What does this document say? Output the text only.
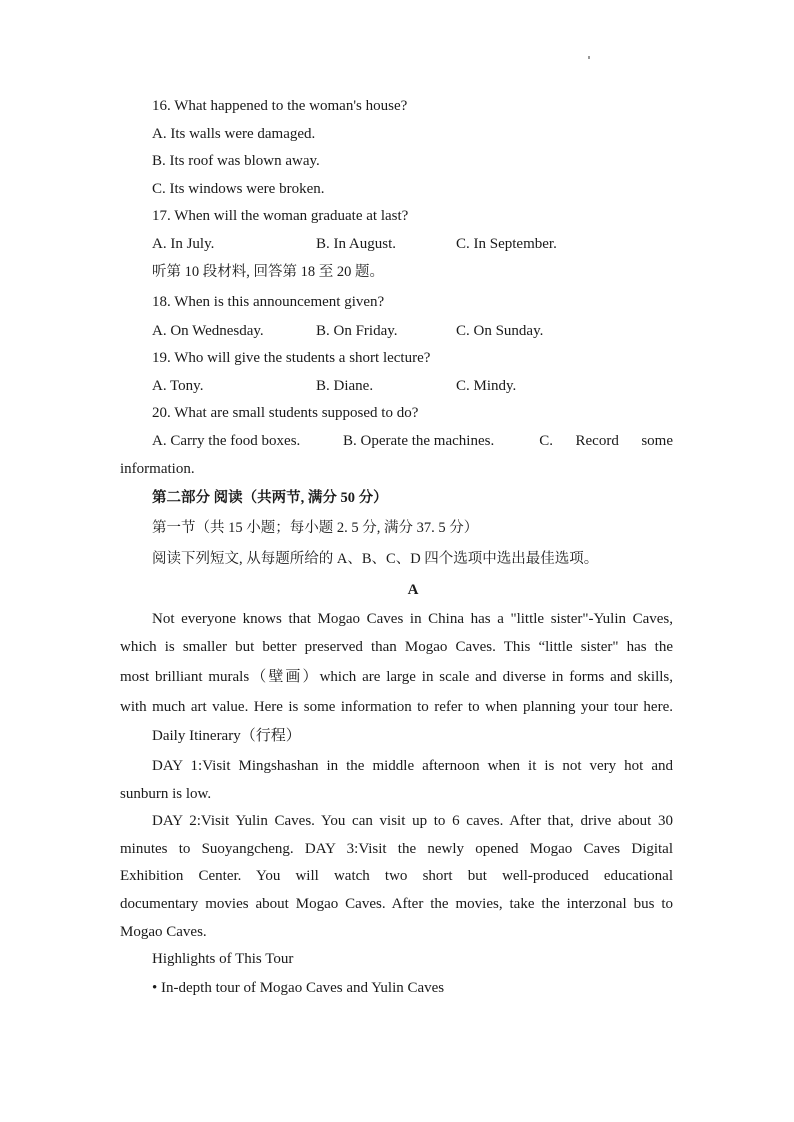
16. What happened to the woman's house?
A. Its walls were damaged.
B. Its roof was blown away.
C. Its windows were broken.
17. When will the woman graduate at last?
A. In July.	B. In August.	C. In September.
听第 10 段材料, 回答第 18 至 20 题。
18. When is this announcement given?
A. On Wednesday.	B. On Friday.	C. On Sunday.
19. Who will give the students a short lecture?
A. Tony.	B. Diane.	C. Mindy.
20. What are small students supposed to do?
A. Carry the food boxes.	B. Operate the machines.	C.      Record      some
information.
第二部分 阅读（共两节, 满分 50 分）
第一节（共 15 小题；每小题 2. 5 分, 满分 37. 5 分）
阅读下列短文, 从每题所给的 A、B、C、D 四个选项中选出最佳选项。
A
Not everyone knows that Mogao Caves in China has a "little sister"-Yulin Caves,
which is smaller but better preserved than Mogao Caves. This “little sister" has the
most brilliant murals（壁画）which are large in scale and diverse in forms and skills,
with much art value. Here is some information to refer to when planning your tour here.
Daily Itinerary（行程）
DAY 1:Visit Mingshashan in the middle afternoon when it is not very hot and
sunburn is low.
DAY 2:Visit Yulin Caves. You can visit up to 6 caves. After that, drive about 30
minutes to Suoyangcheng. DAY 3:Visit the newly opened Mogao Caves Digital
Exhibition Center. You will watch two short but well-produced educational
documentary movies about Mogao Caves. After the movies, take the interzonal bus to
Mogao Caves.
Highlights of This Tour
• In-depth tour of Mogao Caves and Yulin Caves
